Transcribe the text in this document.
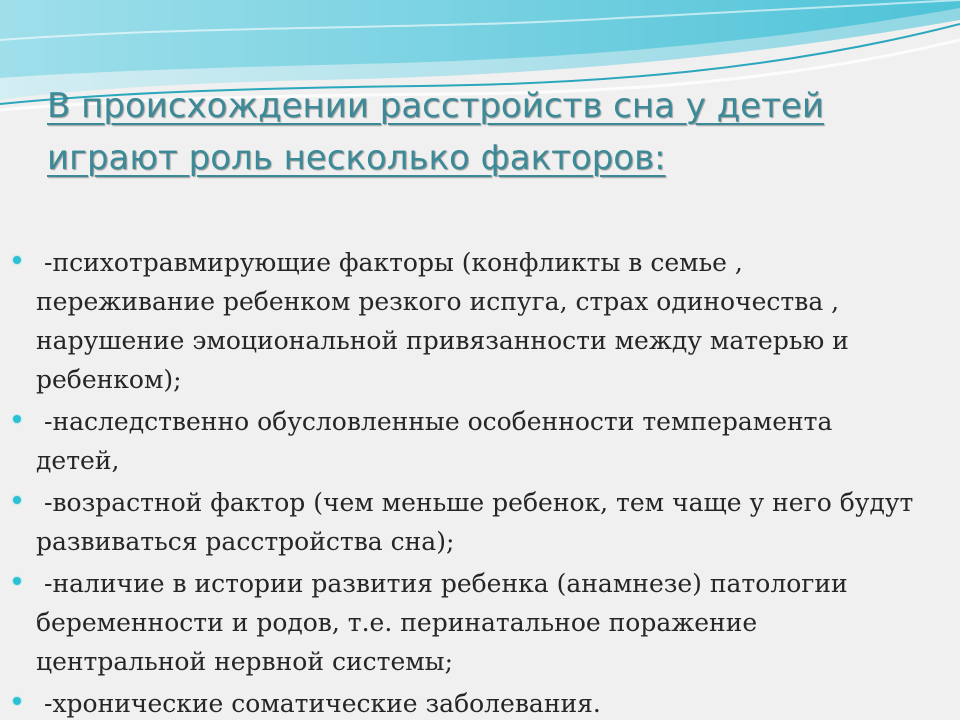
В происхождении расстройств сна у детей
играют роль несколько факторов:
-психотравмирующие факторы (конфликты в семье ,
переживание ребенком резкого испуга, страх одиночества ,
нарушение эмоциональной привязанности между матерью и
ребенком);
-наследственно обусловленные особенности темперамента
детей,
-возрастной фактор (чем меньше ребенок, тем чаще у него будут
развиваться расстройства сна);
-наличие в истории развития ребенка (анамнезе) патологии
беременности и родов, т.е. перинатальное поражение
центральной нервной системы;
-хронические соматические заболевания.
